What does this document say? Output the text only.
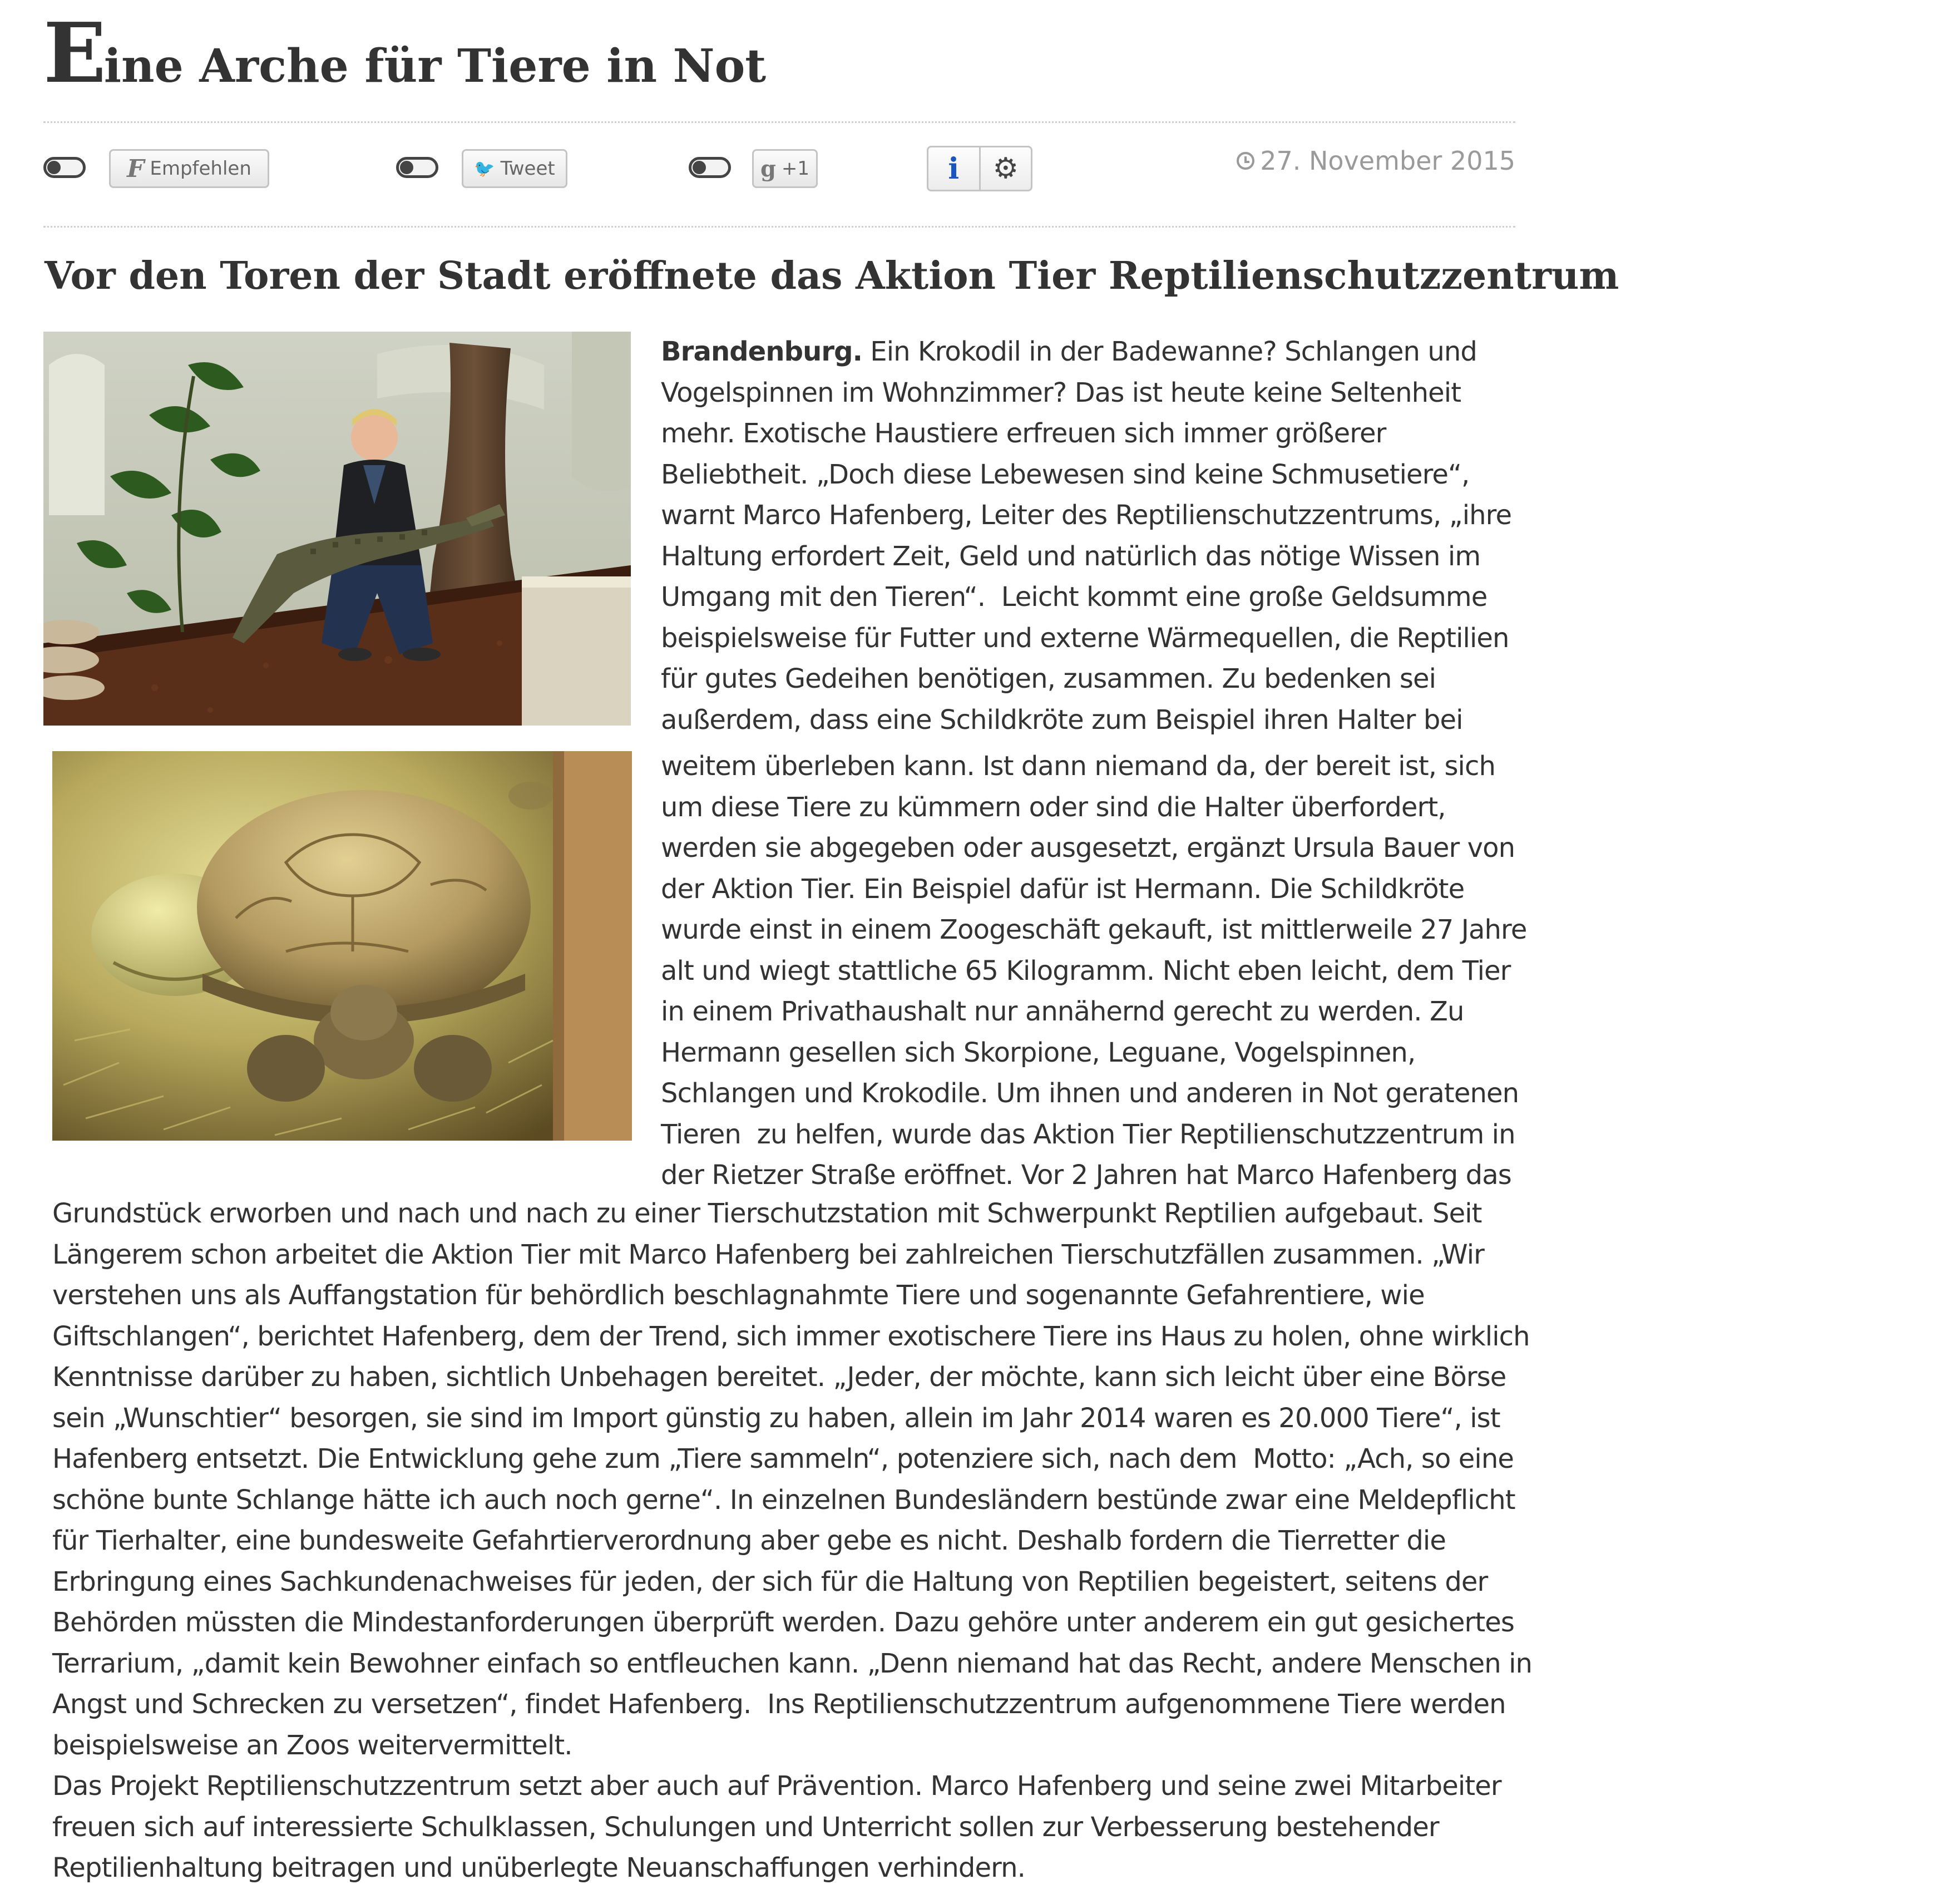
Eine Arche für Tiere in Not
F Empfehlen	🐦 Tweet	g +1	i ⚙	27. November 2015
Vor den Toren der Stadt eröffnete das Aktion Tier Reptilienschutzzentrum

Brandenburg. Ein Krokodil in der Badewanne? Schlangen und
Vogelspinnen im Wohnzimmer? Das ist heute keine Seltenheit
mehr. Exotische Haustiere erfreuen sich immer größerer
Beliebtheit. „Doch diese Lebewesen sind keine Schmusetiere“,
warnt Marco Hafenberg, Leiter des Reptilienschutzzentrums, „ihre
Haltung erfordert Zeit, Geld und natürlich das nötige Wissen im
Umgang mit den Tieren“.  Leicht kommt eine große Geldsumme
beispielsweise für Futter und externe Wärmequellen, die Reptilien
für gutes Gedeihen benötigen, zusammen. Zu bedenken sei
außerdem, dass eine Schildkröte zum Beispiel ihren Halter bei

weitem überleben kann. Ist dann niemand da, der bereit ist, sich
um diese Tiere zu kümmern oder sind die Halter überfordert,
werden sie abgegeben oder ausgesetzt, ergänzt Ursula Bauer von
der Aktion Tier. Ein Beispiel dafür ist Hermann. Die Schildkröte
wurde einst in einem Zoogeschäft gekauft, ist mittlerweile 27 Jahre
alt und wiegt stattliche 65 Kilogramm. Nicht eben leicht, dem Tier
in einem Privathaushalt nur annähernd gerecht zu werden. Zu
Hermann gesellen sich Skorpione, Leguane, Vogelspinnen,
Schlangen und Krokodile. Um ihnen und anderen in Not geratenen
Tieren  zu helfen, wurde das Aktion Tier Reptilienschutzzentrum in
der Rietzer Straße eröffnet. Vor 2 Jahren hat Marco Hafenberg das

Grundstück erworben und nach und nach zu einer Tierschutzstation mit Schwerpunkt Reptilien aufgebaut. Seit
Längerem schon arbeitet die Aktion Tier mit Marco Hafenberg bei zahlreichen Tierschutzfällen zusammen. „Wir
verstehen uns als Auffangstation für behördlich beschlagnahmte Tiere und sogenannte Gefahrentiere, wie
Giftschlangen“, berichtet Hafenberg, dem der Trend, sich immer exotischere Tiere ins Haus zu holen, ohne wirklich
Kenntnisse darüber zu haben, sichtlich Unbehagen bereitet. „Jeder, der möchte, kann sich leicht über eine Börse
sein „Wunschtier“ besorgen, sie sind im Import günstig zu haben, allein im Jahr 2014 waren es 20.000 Tiere“, ist
Hafenberg entsetzt. Die Entwicklung gehe zum „Tiere sammeln“, potenziere sich, nach dem  Motto: „Ach, so eine
schöne bunte Schlange hätte ich auch noch gerne“. In einzelnen Bundesländern bestünde zwar eine Meldepflicht
für Tierhalter, eine bundesweite Gefahrtierverordnung aber gebe es nicht. Deshalb fordern die Tierretter die
Erbringung eines Sachkundenachweises für jeden, der sich für die Haltung von Reptilien begeistert, seitens der
Behörden müssten die Mindestanforderungen überprüft werden. Dazu gehöre unter anderem ein gut gesichertes
Terrarium, „damit kein Bewohner einfach so entfleuchen kann. „Denn niemand hat das Recht, andere Menschen in
Angst und Schrecken zu versetzen“, findet Hafenberg.  Ins Reptilienschutzzentrum aufgenommene Tiere werden
beispielsweise an Zoos weitervermittelt.
Das Projekt Reptilienschutzzentrum setzt aber auch auf Prävention. Marco Hafenberg und seine zwei Mitarbeiter
freuen sich auf interessierte Schulklassen, Schulungen und Unterricht sollen zur Verbesserung bestehender
Reptilienhaltung beitragen und unüberlegte Neuanschaffungen verhindern.
